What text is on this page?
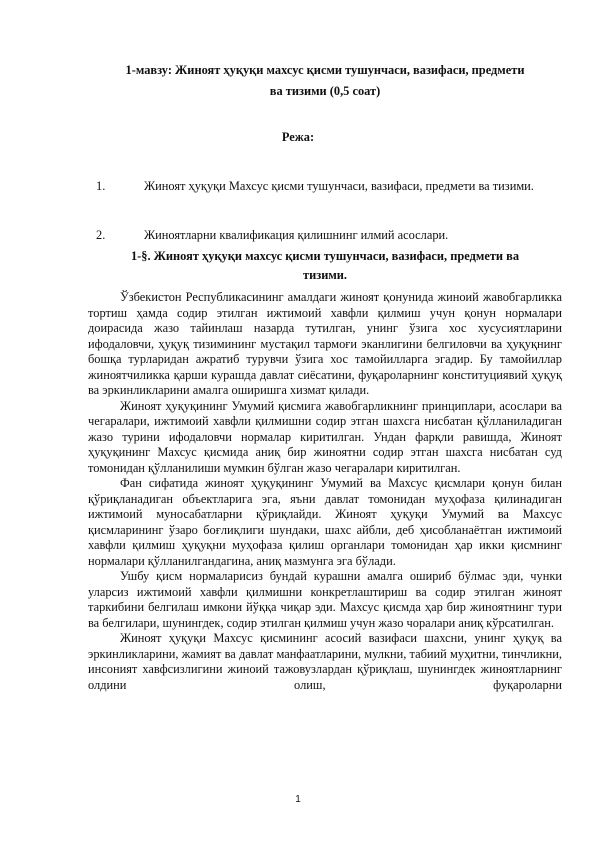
1-мавзу: Жиноят ҳуқуқи махсус қисми тушунчаси, вазифаси, предмети
ва тизими (0,5 соат)
Режа:
1.	Жиноят ҳуқуқи Махсус қисми тушунчаси, вазифаси, предмети ва тизими.
2.	Жиноятларни квалификация қилишнинг илмий асослари.
1-§. Жиноят ҳуқуқи махсус қисми тушунчаси, вазифаси, предмети ва
тизими.

Ўзбекистон Республикасининг амалдаги жиноят қонунида жиноий жавобгарликка тортиш ҳамда содир этилган ижтимоий хавфли қилмиш учун қонун нормалари доирасида жазо тайинлаш назарда тутилган, унинг ўзига хос хусусиятларини ифодаловчи, ҳуқуқ тизимининг мустақил тармоғи эканлигини белгиловчи ва ҳуқуқнинг бошқа турларидан ажратиб турувчи ўзига хос тамойилларга эгадир. Бу тамойиллар жиноятчиликка қарши курашда давлат сиёсатини, фуқароларнинг конституциявий ҳуқуқ ва эркинликларини амалга оширишга хизмат қилади.

Жиноят ҳуқуқининг Умумий қисмига жавобгарликнинг принциплари, асослари ва чегаралари, ижтимоий хавфли қилмишни содир этган шахсга нисбатан қўлланиладиган жазо турини ифодаловчи нормалар киритилган. Ундан фарқли равишда, Жиноят ҳуқуқининг Махсус қисмида аниқ бир жиноятни содир этган шахсга нисбатан суд томонидан қўлланилиши мумкин бўлган жазо чегаралари киритилган.

Фан сифатида жиноят ҳуқуқининг Умумий ва Махсус қисмлари қонун билан қўриқланадиган объектларига эга, яъни давлат томонидан муҳофаза қилинадиган ижтимоий муносабатларни қўриқлайди. Жиноят ҳуқуқи Умумий ва Махсус қисмларининг ўзаро боғлиқлиги шундаки, шахс айбли, деб ҳисобланаётган ижтимоий хавфли қилмиш ҳуқуқни муҳофаза қилиш органлари томонидан ҳар икки қисмнинг нормалари қўлланилгандагина, аниқ мазмунга эга бўлади.

Ушбу қисм нормаларисиз бундай курашни амалга ошириб бўлмас эди, чунки уларсиз ижтимоий хавфли қилмишни конкретлаштириш ва содир этилган жиноят таркибини белгилаш имкони йўққа чиқар эди. Махсус қисмда ҳар бир жиноятнинг тури ва белгилари, шунингдек, содир этилган қилмиш учун жазо чоралари аниқ кўрсатилган.

Жиноят ҳуқуқи Махсус қисмининг асосий вазифаси шахсни, унинг ҳуқуқ ва эркинликларини, жамият ва давлат манфаатларини, мулкни, табиий муҳитни, тинчликни, инсоният хавфсизлигини жиноий тажовузлардан қўриқлаш, шунингдек жиноятларнинг олдини олиш, фуқароларни

1
